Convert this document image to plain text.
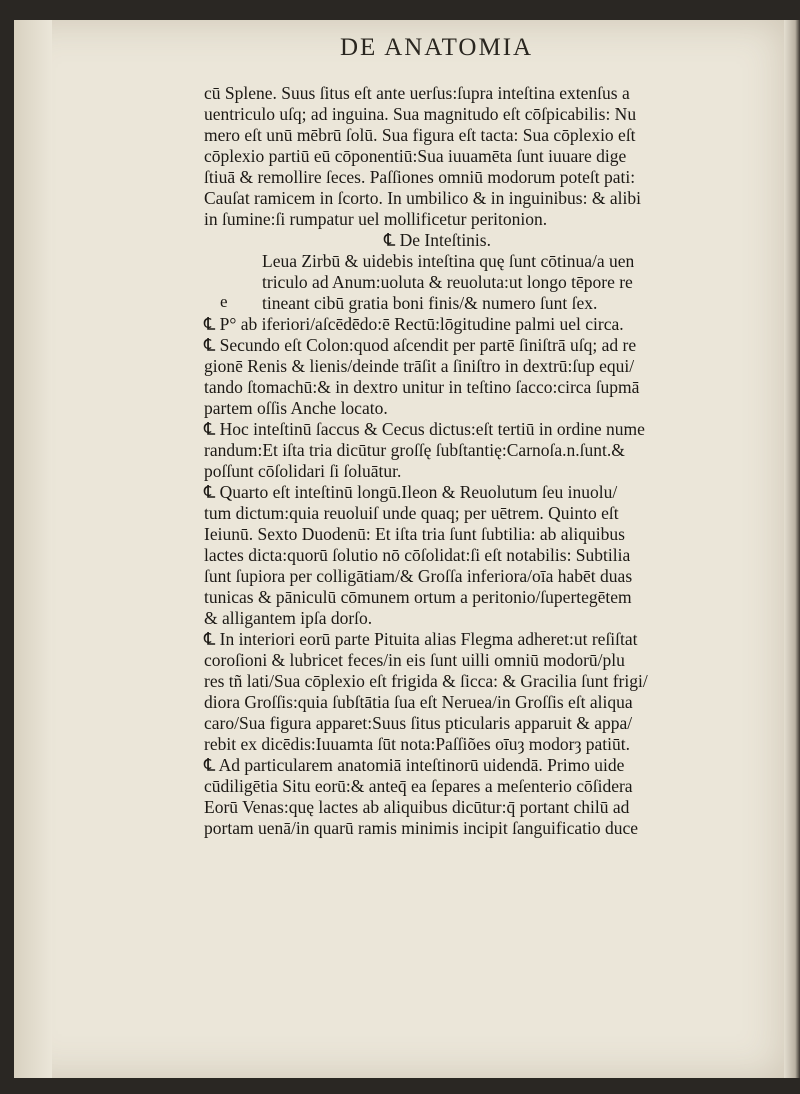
DE ANATOMIA
e
cū Splene. Suus ſitus eſt ante uerſus:ſupra inteſtina extenſus a
uentriculo uſq; ad inguina. Sua magnitudo eſt cōſpicabilis: Nu
mero eſt unū mēbrū ſolū. Sua figura eſt tacta: Sua cōplexio eſt
cōplexio partiū eū cōponentiū:Sua iuuamēta ſunt iuuare dige
ſtiuā & remollire ſeces. Paſſiones omniū modorum poteſt pati:
Cauſat ramicem in ſcorto. In umbilico & in inguinibus: & alibi
in ſumine:ſi rumpatur uel mollificetur peritonion.
℄ De Inteſtinis.
Leua Zirbū & uidebis inteſtina quę ſunt cōtinua/a uen
triculo ad Anum:uoluta & reuoluta:ut longo tēpore re
tineant cibū gratia boni finis/& numero ſunt ſex.
℄ P° ab iferiori/aſcēdēdo:ē Rectū:lōgitudine palmi uel circa.
℄ Secundo eſt Colon:quod aſcendit per partē ſiniſtrā uſq; ad re
gionē Renis & lienis/deinde trāſit a ſiniſtro in dextrū:ſup equi/
tando ſtomachū:& in dextro unitur in teſtino ſacco:circa ſupmā
partem oſſis Anche locato.
℄ Hoc inteſtinū ſaccus & Cecus dictus:eſt tertiū in ordine nume
randum:Et iſta tria dicūtur groſſę ſubſtantię:Carnoſa.n.ſunt.&
poſſunt cōſolidari ſi ſoluātur.
℄ Quarto eſt inteſtinū longū.Ileon & Reuolutum ſeu inuolu/
tum dictum:quia reuoluiſ unde quaq; per uētrem. Quinto eſt
Ieiunū. Sexto Duodenū: Et iſta tria ſunt ſubtilia: ab aliquibus
lactes dicta:quorū ſolutio nō cōſolidat:ſi eſt notabilis: Subtilia
ſunt ſupiora per colligātiam/& Groſſa inferiora/oīa habēt duas
tunicas & pāniculū cōmunem ortum a peritonio/ſupertegētem
& alligantem ipſa dorſo.
℄ In interiori eorū parte Pituita alias Flegma adheret:ut reſiſtat
coroſioni & lubricet feces/in eis ſunt uilli omniū modorū/plu
res tñ lati/Sua cōplexio eſt frigida & ſicca: & Gracilia ſunt frigi/
diora Groſſis:quia ſubſtātia ſua eſt Neruea/in Groſſis eſt aliqua
caro/Sua figura apparet:Suus ſitus pticularis apparuit & appa/
rebit ex dicēdis:Iuuamta ſūt nota:Paſſiões oīuȝ modorȝ patiūt.
℄ Ad particularem anatomiā inteſtinorū uidendā. Primo uide
cūdiligētia Situ eorū:& anteq̄ ea ſepares a meſenterio cōſidera
Eorū Venas:quę lactes ab aliquibus dicūtur:q̄ portant chilū ad
portam uenā/in quarū ramis minimis incipit ſanguificatio duce
